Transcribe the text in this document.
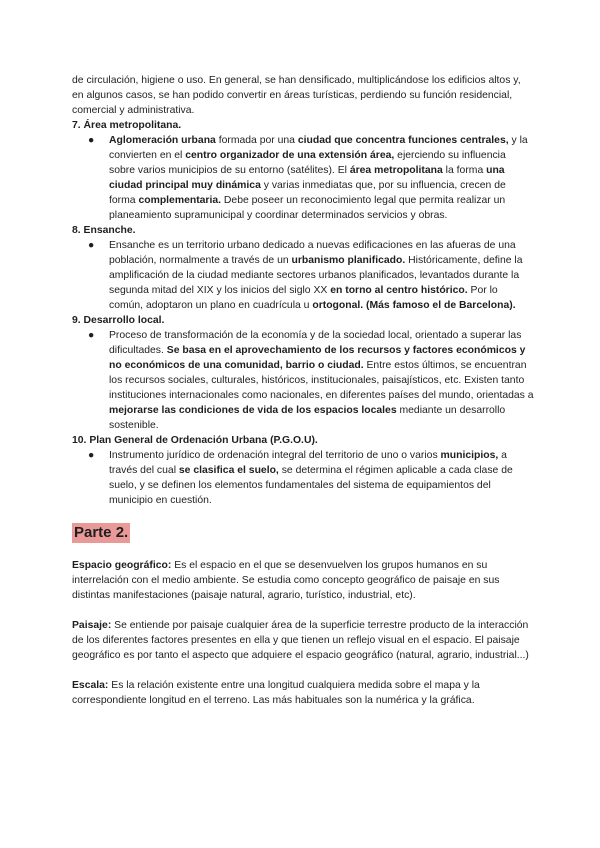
de circulación, higiene o uso. En general, se han densificado, multiplicándose los edificios altos y, en algunos casos, se han podido convertir en áreas turísticas, perdiendo su función residencial, comercial y administrativa.

7. Área metropolitana.

● Aglomeración urbana formada por una ciudad que concentra funciones centrales, y la convierten en el centro organizador de una extensión área, ejerciendo su influencia sobre varios municipios de su entorno (satélites). El área metropolitana la forma una ciudad principal muy dinámica y varias inmediatas que, por su influencia, crecen de forma complementaria. Debe poseer un reconocimiento legal que permita realizar un planeamiento supramunicipal y coordinar determinados servicios y obras.

8. Ensanche.

● Ensanche es un territorio urbano dedicado a nuevas edificaciones en las afueras de una población, normalmente a través de un urbanismo planificado. Históricamente, define la amplificación de la ciudad mediante sectores urbanos planificados, levantados durante la segunda mitad del XIX y los inicios del siglo XX en torno al centro histórico. Por lo común, adoptaron un plano en cuadrícula u ortogonal. (Más famoso el de Barcelona).

9. Desarrollo local.

● Proceso de transformación de la economía y de la sociedad local, orientado a superar las dificultades. Se basa en el aprovechamiento de los recursos y factores económicos y no económicos de una comunidad, barrio o ciudad. Entre estos últimos, se encuentran los recursos sociales, culturales, históricos, institucionales, paisajísticos, etc. Existen tanto instituciones internacionales como nacionales, en diferentes países del mundo, orientadas a mejorarse las condiciones de vida de los espacios locales mediante un desarrollo sostenible.

10. Plan General de Ordenación Urbana (P.G.O.U).

● Instrumento jurídico de ordenación integral del territorio de uno o varios municipios, a través del cual se clasifica el suelo, se determina el régimen aplicable a cada clase de suelo, y se definen los elementos fundamentales del sistema de equipamientos del municipio en cuestión.
Parte 2.

Espacio geográfico: Es el espacio en el que se desenvuelven los grupos humanos en su interrelación con el medio ambiente. Se estudia como concepto geográfico de paisaje en sus distintas manifestaciones (paisaje natural, agrario, turístico, industrial, etc).

Paisaje: Se entiende por paisaje cualquier área de la superficie terrestre producto de la interacción de los diferentes factores presentes en ella y que tienen un reflejo visual en el espacio. El paisaje geográfico es por tanto el aspecto que adquiere el espacio geográfico (natural, agrario, industrial...)

Escala: Es la relación existente entre una longitud cualquiera medida sobre el mapa y la correspondiente longitud en el terreno. Las más habituales son la numérica y la gráfica.
